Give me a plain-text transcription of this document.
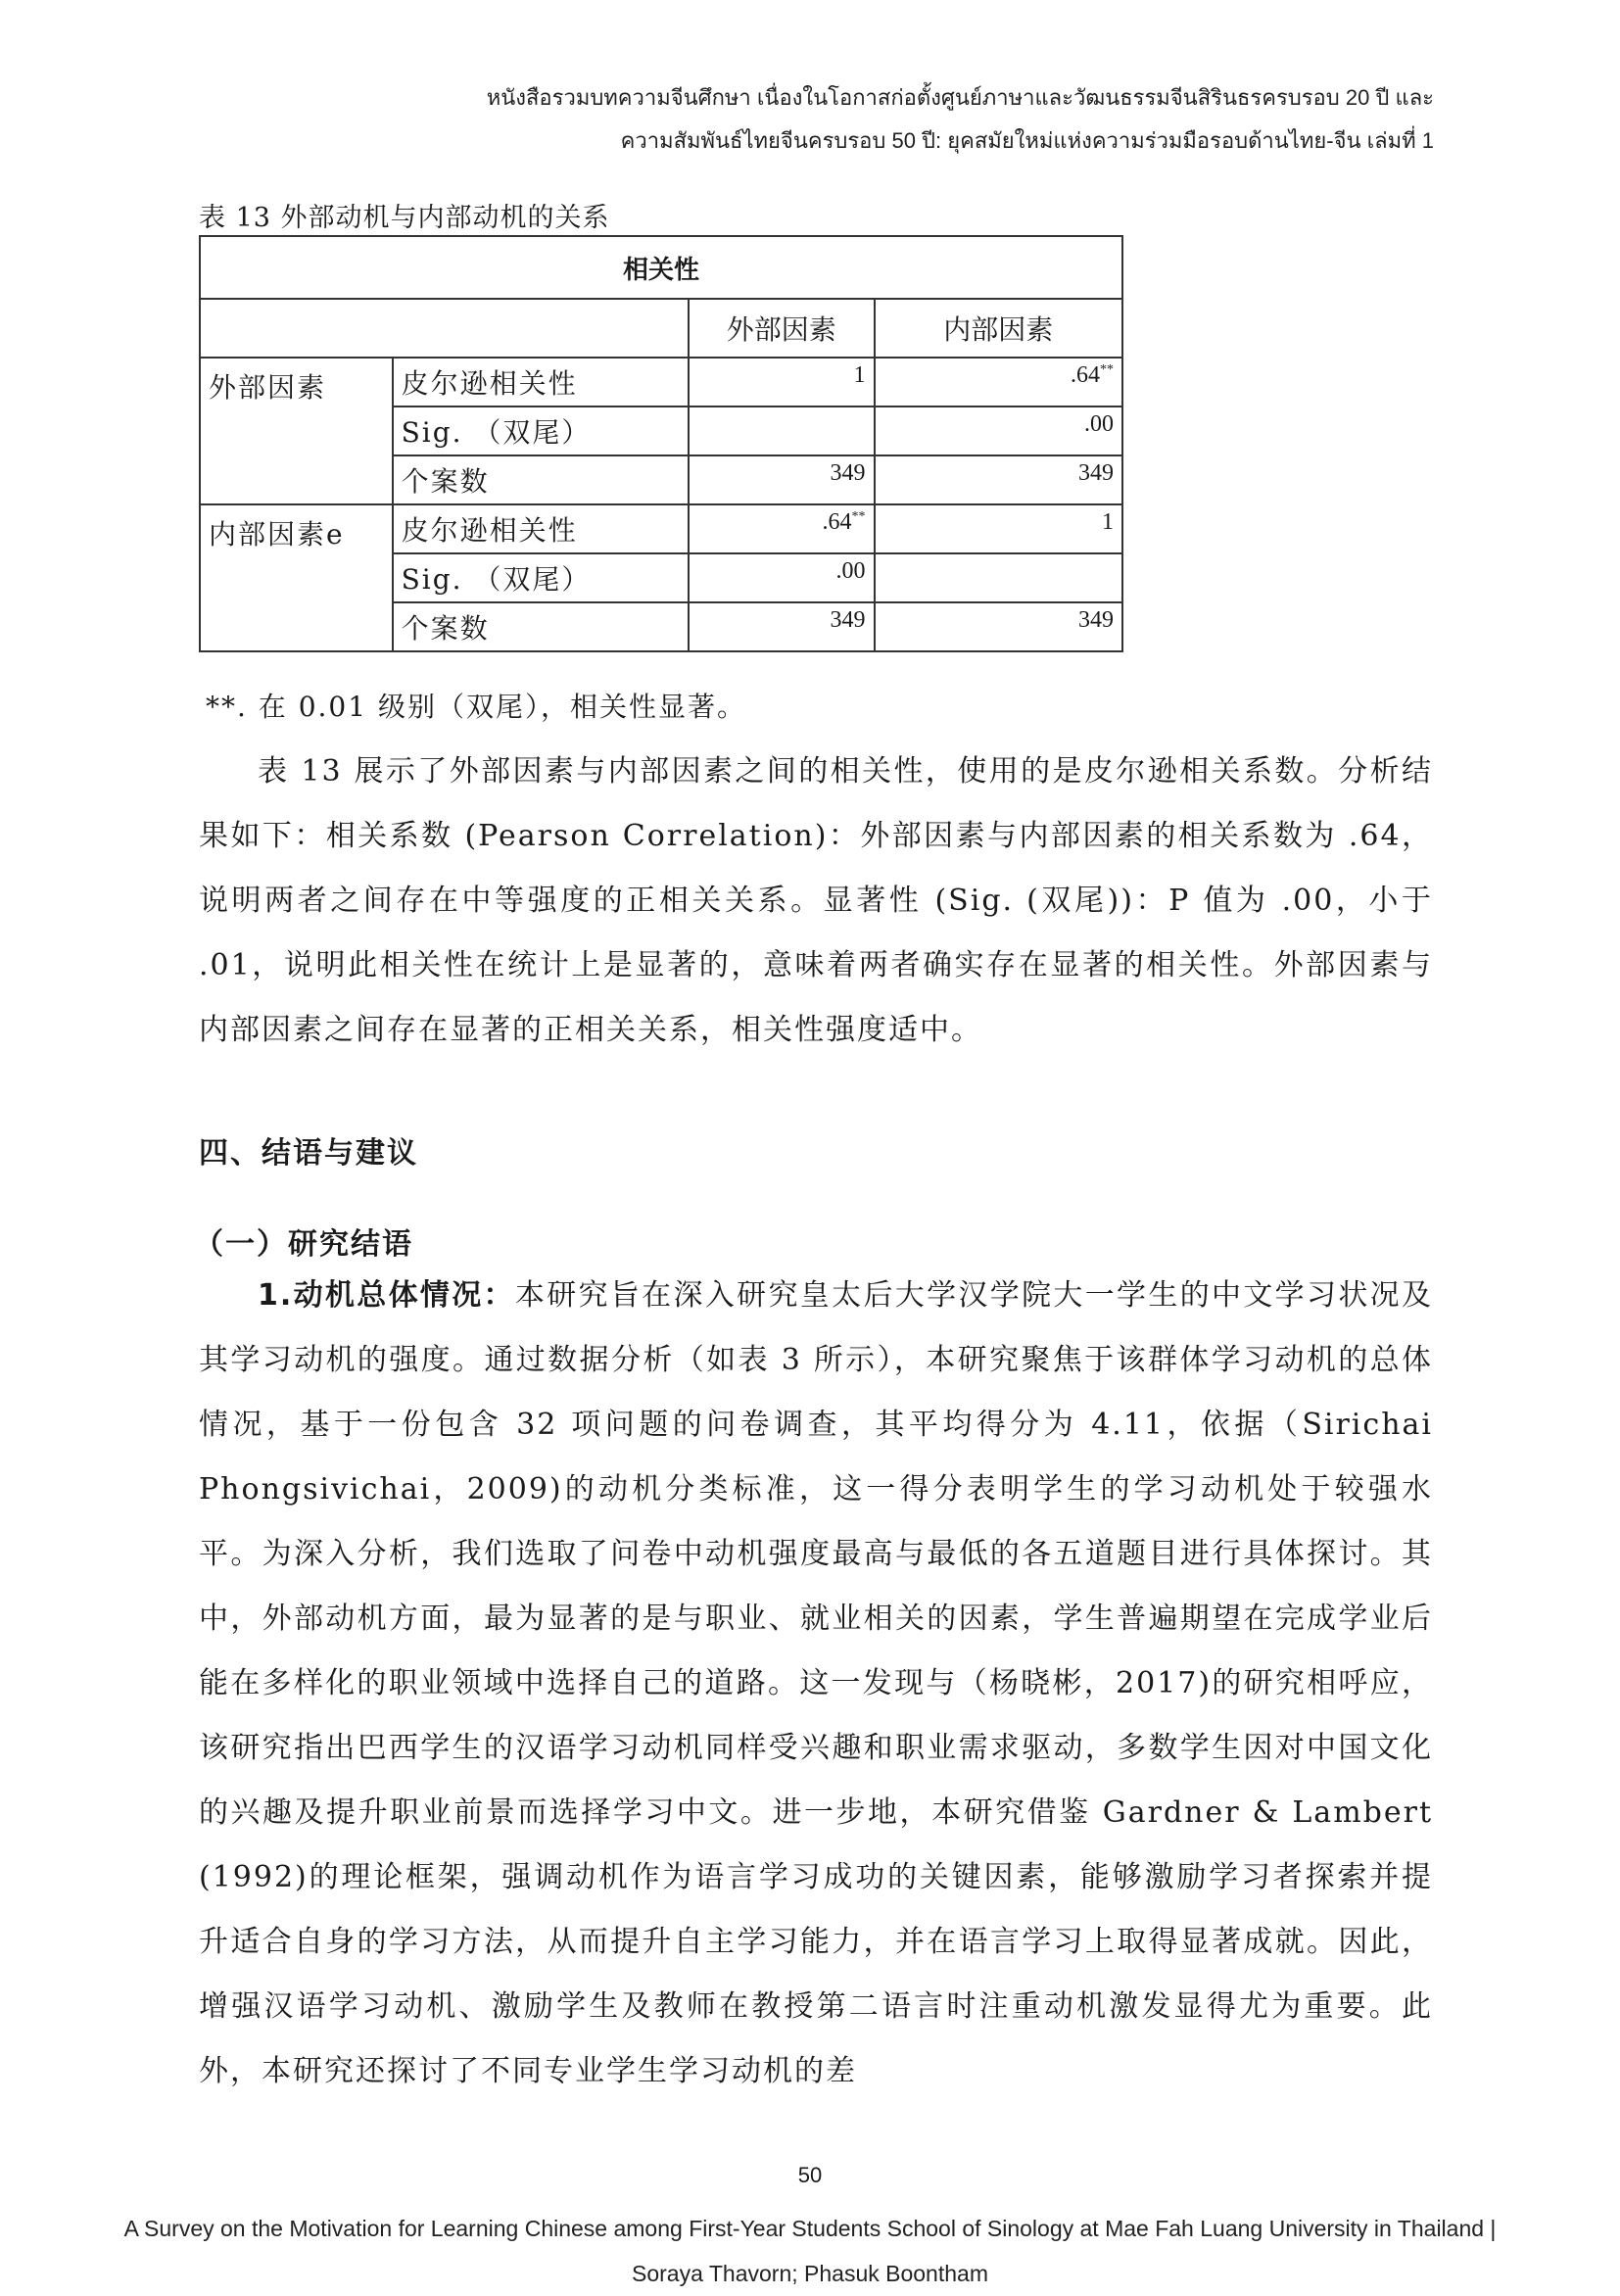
หนังสือรวมบทความจีนศึกษา เนื่องในโอกาสก่อตั้งศูนย์ภาษาและวัฒนธรรมจีนสิรินธรครบรอบ 20 ปี และ
ความสัมพันธ์ไทยจีนครบรอบ 50 ปี: ยุคสมัยใหม่แห่งความร่วมมือรอบด้านไทย-จีน เล่มที่ 1
表 13 外部动机与内部动机的关系
相关性			
		外部因素	内部因素
外部因素	皮尔逊相关性	1	.64**
	Sig. （双尾）		.00
	个案数	349	349
内部因素e	皮尔逊相关性	.64**	1
	Sig. （双尾）	.00	
	个案数	349	349
**. 在 0.01 级别（双尾），相关性显著。

表 13 展示了外部因素与内部因素之间的相关性，使用的是皮尔逊相关系数。分析结果如下：相关系数 (Pearson Correlation)：外部因素与内部因素的相关系数为 .64，说明两者之间存在中等强度的正相关关系。显著性 (Sig. (双尾))：P 值为 .00，小于 .01，说明此相关性在统计上是显著的，意味着两者确实存在显著的相关性。外部因素与内部因素之间存在显著的正相关关系，相关性强度适中。

四、结语与建议
（一）研究结语

1.动机总体情况：本研究旨在深入研究皇太后大学汉学院大一学生的中文学习状况及其学习动机的强度。通过数据分析（如表 3 所示），本研究聚焦于该群体学习动机的总体情况，基于一份包含 32 项问题的问卷调查，其平均得分为 4.11，依据（Sirichai Phongsivichai，2009)的动机分类标准，这一得分表明学生的学习动机处于较强水平。为深入分析，我们选取了问卷中动机强度最高与最低的各五道题目进行具体探讨。其中，外部动机方面，最为显著的是与职业、就业相关的因素，学生普遍期望在完成学业后能在多样化的职业领域中选择自己的道路。这一发现与（杨晓彬，2017)的研究相呼应，该研究指出巴西学生的汉语学习动机同样受兴趣和职业需求驱动，多数学生因对中国文化的兴趣及提升职业前景而选择学习中文。进一步地，本研究借鉴 Gardner & Lambert (1992)的理论框架，强调动机作为语言学习成功的关键因素，能够激励学习者探索并提升适合自身的学习方法，从而提升自主学习能力，并在语言学习上取得显著成就。因此，增强汉语学习动机、激励学生及教师在教授第二语言时注重动机激发显得尤为重要。此外，本研究还探讨了不同专业学生学习动机的差

50
A Survey on the Motivation for Learning Chinese among First-Year Students School of Sinology at Mae Fah Luang University in Thailand |
Soraya Thavorn; Phasuk Boontham
